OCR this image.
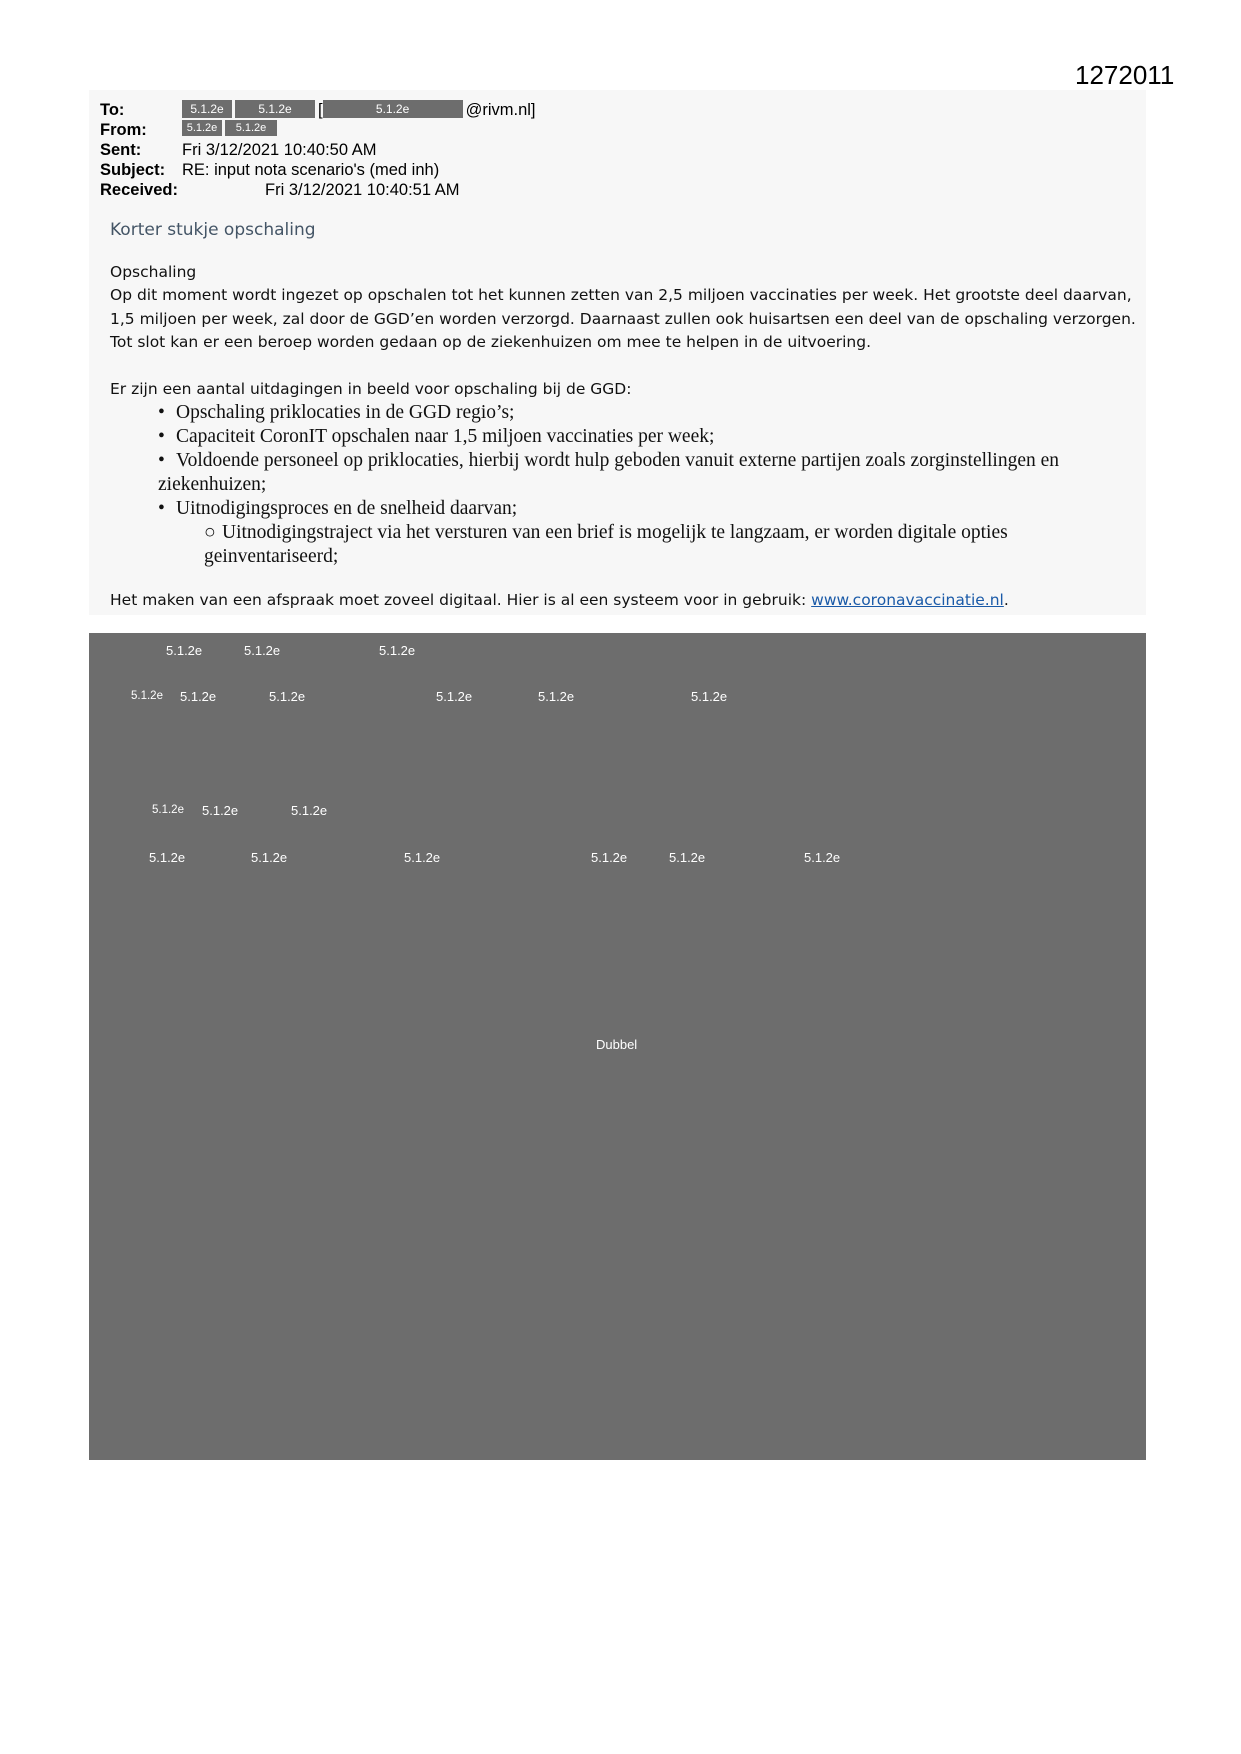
1272011
To:	5.1.2e	5.1.2e [	5.1.2e	@rivm.nl]
From:	5.1.2e 5.1.2e
Sent:	Fri 3/12/2021 10:40:50 AM
Subject:	RE: input nota scenario's (med inh)
Received:	Fri 3/12/2021 10:40:51 AM
Korter stukje opschaling
Opschaling

Op dit moment wordt ingezet op opschalen tot het kunnen zetten van 2,5 miljoen vaccinaties per week. Het grootste deel daarvan, 1,5 miljoen per week, zal door de GGD’en worden verzorgd. Daarnaast zullen ook huisartsen een deel van de opschaling verzorgen. Tot slot kan er een beroep worden gedaan op de ziekenhuizen om mee te helpen in de uitvoering.

Er zijn een aantal uitdagingen in beeld voor opschaling bij de GGD:
• Opschaling priklocaties in de GGD regio’s;
• Capaciteit CoronIT opschalen naar 1,5 miljoen vaccinaties per week;
• Voldoende personeel op priklocaties, hierbij wordt hulp geboden vanuit externe partijen zoals zorginstellingen en ziekenhuizen;
• Uitnodigingsproces en de snelheid daarvan;
○ Uitnodigingstraject via het versturen van een brief is mogelijk te langzaam, er worden digitale opties geinventariseerd;
Het maken van een afspraak moet zoveel digitaal. Hier is al een systeem voor in gebruik: www.coronavaccinatie.nl.
5.1.2e	5.1.2e	5.1.2e
5.1.2e 5.1.2e	5.1.2e	5.1.2e	5.1.2e	5.1.2e
5.1.2e 5.1.2e	5.1.2e
5.1.2e	5.1.2e	5.1.2e	5.1.2e	5.1.2e	5.1.2e
Dubbel
